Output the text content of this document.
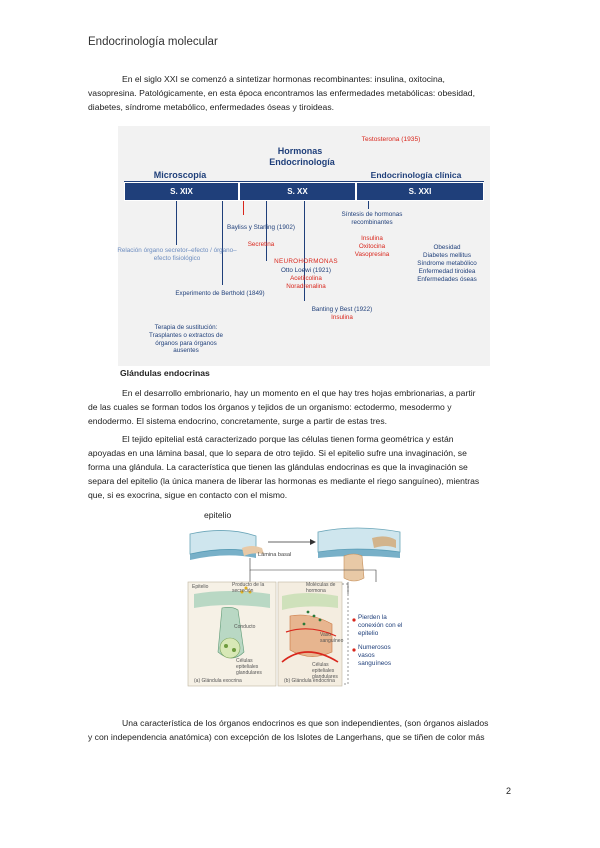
Endocrinología molecular
En el siglo XXI se comenzó a sintetizar hormonas recombinantes: insulina, oxitocina,
vasopresina. Patológicamente, en esta época encontramos las enfermedades metabólicas: obesidad,
diabetes, síndrome metabólico, enfermedades óseas y tiroideas.
Testosterona (1935)
Hormonas
Endocrinología
Microscopía	Endocrinología clínica
S. XIX	S. XX	S. XXI
Relación órgano secretor–efecto / órgano–efecto fisiológico
Bayliss y Starling (1902)
Secretina
Experimento de Berthold (1849)
NEUROHORMONAS
Otto Loewi (1921)
Acetilcolina
Noradrenalina
Síntesis de hormonas recombinantes
Insulina
Oxitocina
Vasopresina
Obesidad
Diabetes mellitus
Síndrome metabólico
Enfermedad tiroidea
Enfermedades óseas
Banting y Best (1922)
Insulina
Terapia de sustitución:
Trasplantes o extractos de órganos para órganos ausentes
Glándulas endocrinas
En el desarrollo embrionario, hay un momento en el que hay tres hojas embrionarias, a partir
de las cuales se forman todos los órganos y tejidos de un organismo: ectodermo, mesodermo y
endodermo. El sistema endocrino, concretamente, surge a partir de estas tres.
El tejido epitelial está caracterizado porque las células tienen forma geométrica y están
apoyadas en una lámina basal, que lo separa de otro tejido. Si el epitelio sufre una invaginación, se
forma una glándula. La característica que tienen las glándulas endocrinas es que la invaginación se
separa del epitelio (la única manera de liberar las hormonas es mediante el riego sanguíneo), mientras
que, si es exocrina, sigue en contacto con el mismo.
epitelio
Lámina basal
Epitelio	Producto de la secreción
Conducto
Células epiteliales glandulares
Moléculas de hormona
Vaso sanguíneo
Células epiteliales glandulares
(a) Glándula exocrina	(b) Glándula endocrina
Pierden la conexión con el epitelio
Numerosos vasos sanguíneos
Una característica de los órganos endocrinos es que son independientes, (son órganos aislados
y con independencia anatómica) con excepción de los Islotes de Langerhans, que se tiñen de color más
2
